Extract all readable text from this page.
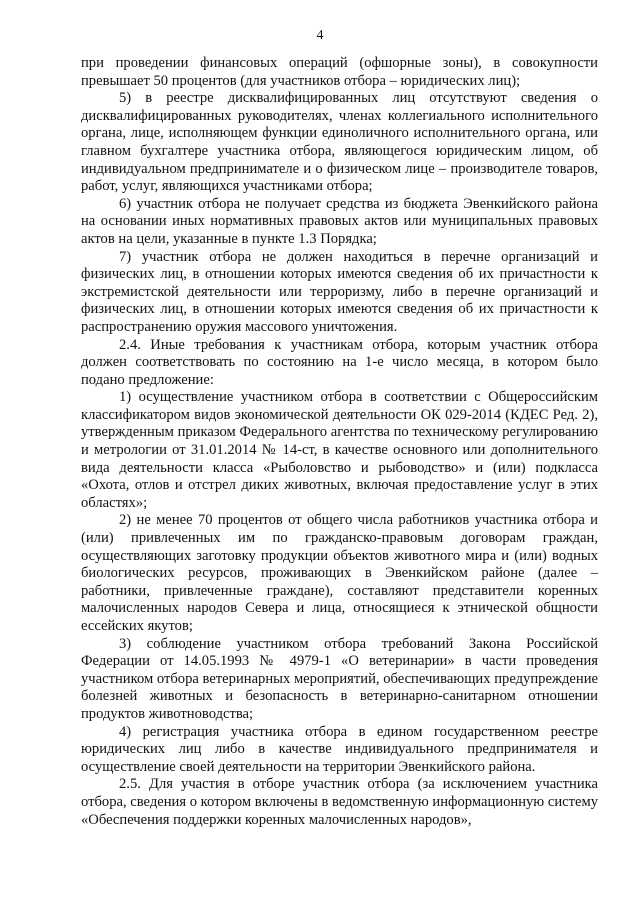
4

при проведении финансовых операций (офшорные зоны), в совокупности превышает 50 процентов (для участников отбора – юридических лиц);

5) в реестре дисквалифицированных лиц отсутствуют сведения о дисквалифицированных руководителях, членах коллегиального исполнительного органа, лице, исполняющем функции единоличного исполнительного органа, или главном бухгалтере участника отбора, являющегося юридическим лицом, об индивидуальном предпринимателе и о физическом лице – производителе товаров, работ, услуг, являющихся участниками отбора;

6) участник отбора не получает средства из бюджета Эвенкийского района на основании иных нормативных правовых актов или муниципальных правовых актов на цели, указанные в пункте 1.3 Порядка;

7) участник отбора не должен находиться в перечне организаций и физических лиц, в отношении которых имеются сведения об их причастности к экстремистской деятельности или терроризму, либо в перечне организаций и физических лиц, в отношении которых имеются сведения об их причастности к распространению оружия массового уничтожения.

2.4. Иные требования к участникам отбора, которым участник отбора должен соответствовать по состоянию на 1-е число месяца, в котором было подано предложение:

1) осуществление участником отбора в соответствии с Общероссийским классификатором видов экономической деятельности ОК 029-2014 (КДЕС Ред. 2), утвержденным приказом Федерального агентства по техническому регулированию и метрологии от 31.01.2014 № 14-ст, в качестве основного или дополнительного вида деятельности класса «Рыболовство и рыбоводство» и (или) подкласса «Охота, отлов и отстрел диких животных, включая предоставление услуг в этих областях»;

2) не менее 70 процентов от общего числа работников участника отбора и (или) привлеченных им по гражданско-правовым договорам граждан, осуществляющих заготовку продукции объектов животного мира и (или) водных биологических ресурсов, проживающих в Эвенкийском районе (далее – работники, привлеченные граждане), составляют представители коренных малочисленных народов Севера и лица, относящиеся к этнической общности ессейских якутов;

3) соблюдение участником отбора требований Закона Российской Федерации от 14.05.1993 № 4979-1 «О ветеринарии» в части проведения участником отбора ветеринарных мероприятий, обеспечивающих предупреждение болезней животных и безопасность в ветеринарно-санитарном отношении продуктов животноводства;

4) регистрация участника отбора в едином государственном реестре юридических лиц либо в качестве индивидуального предпринимателя и осуществление своей деятельности на территории Эвенкийского района.

2.5. Для участия в отборе участник отбора (за исключением участника отбора, сведения о котором включены в ведомственную информационную систему «Обеспечения поддержки коренных малочисленных народов»,
